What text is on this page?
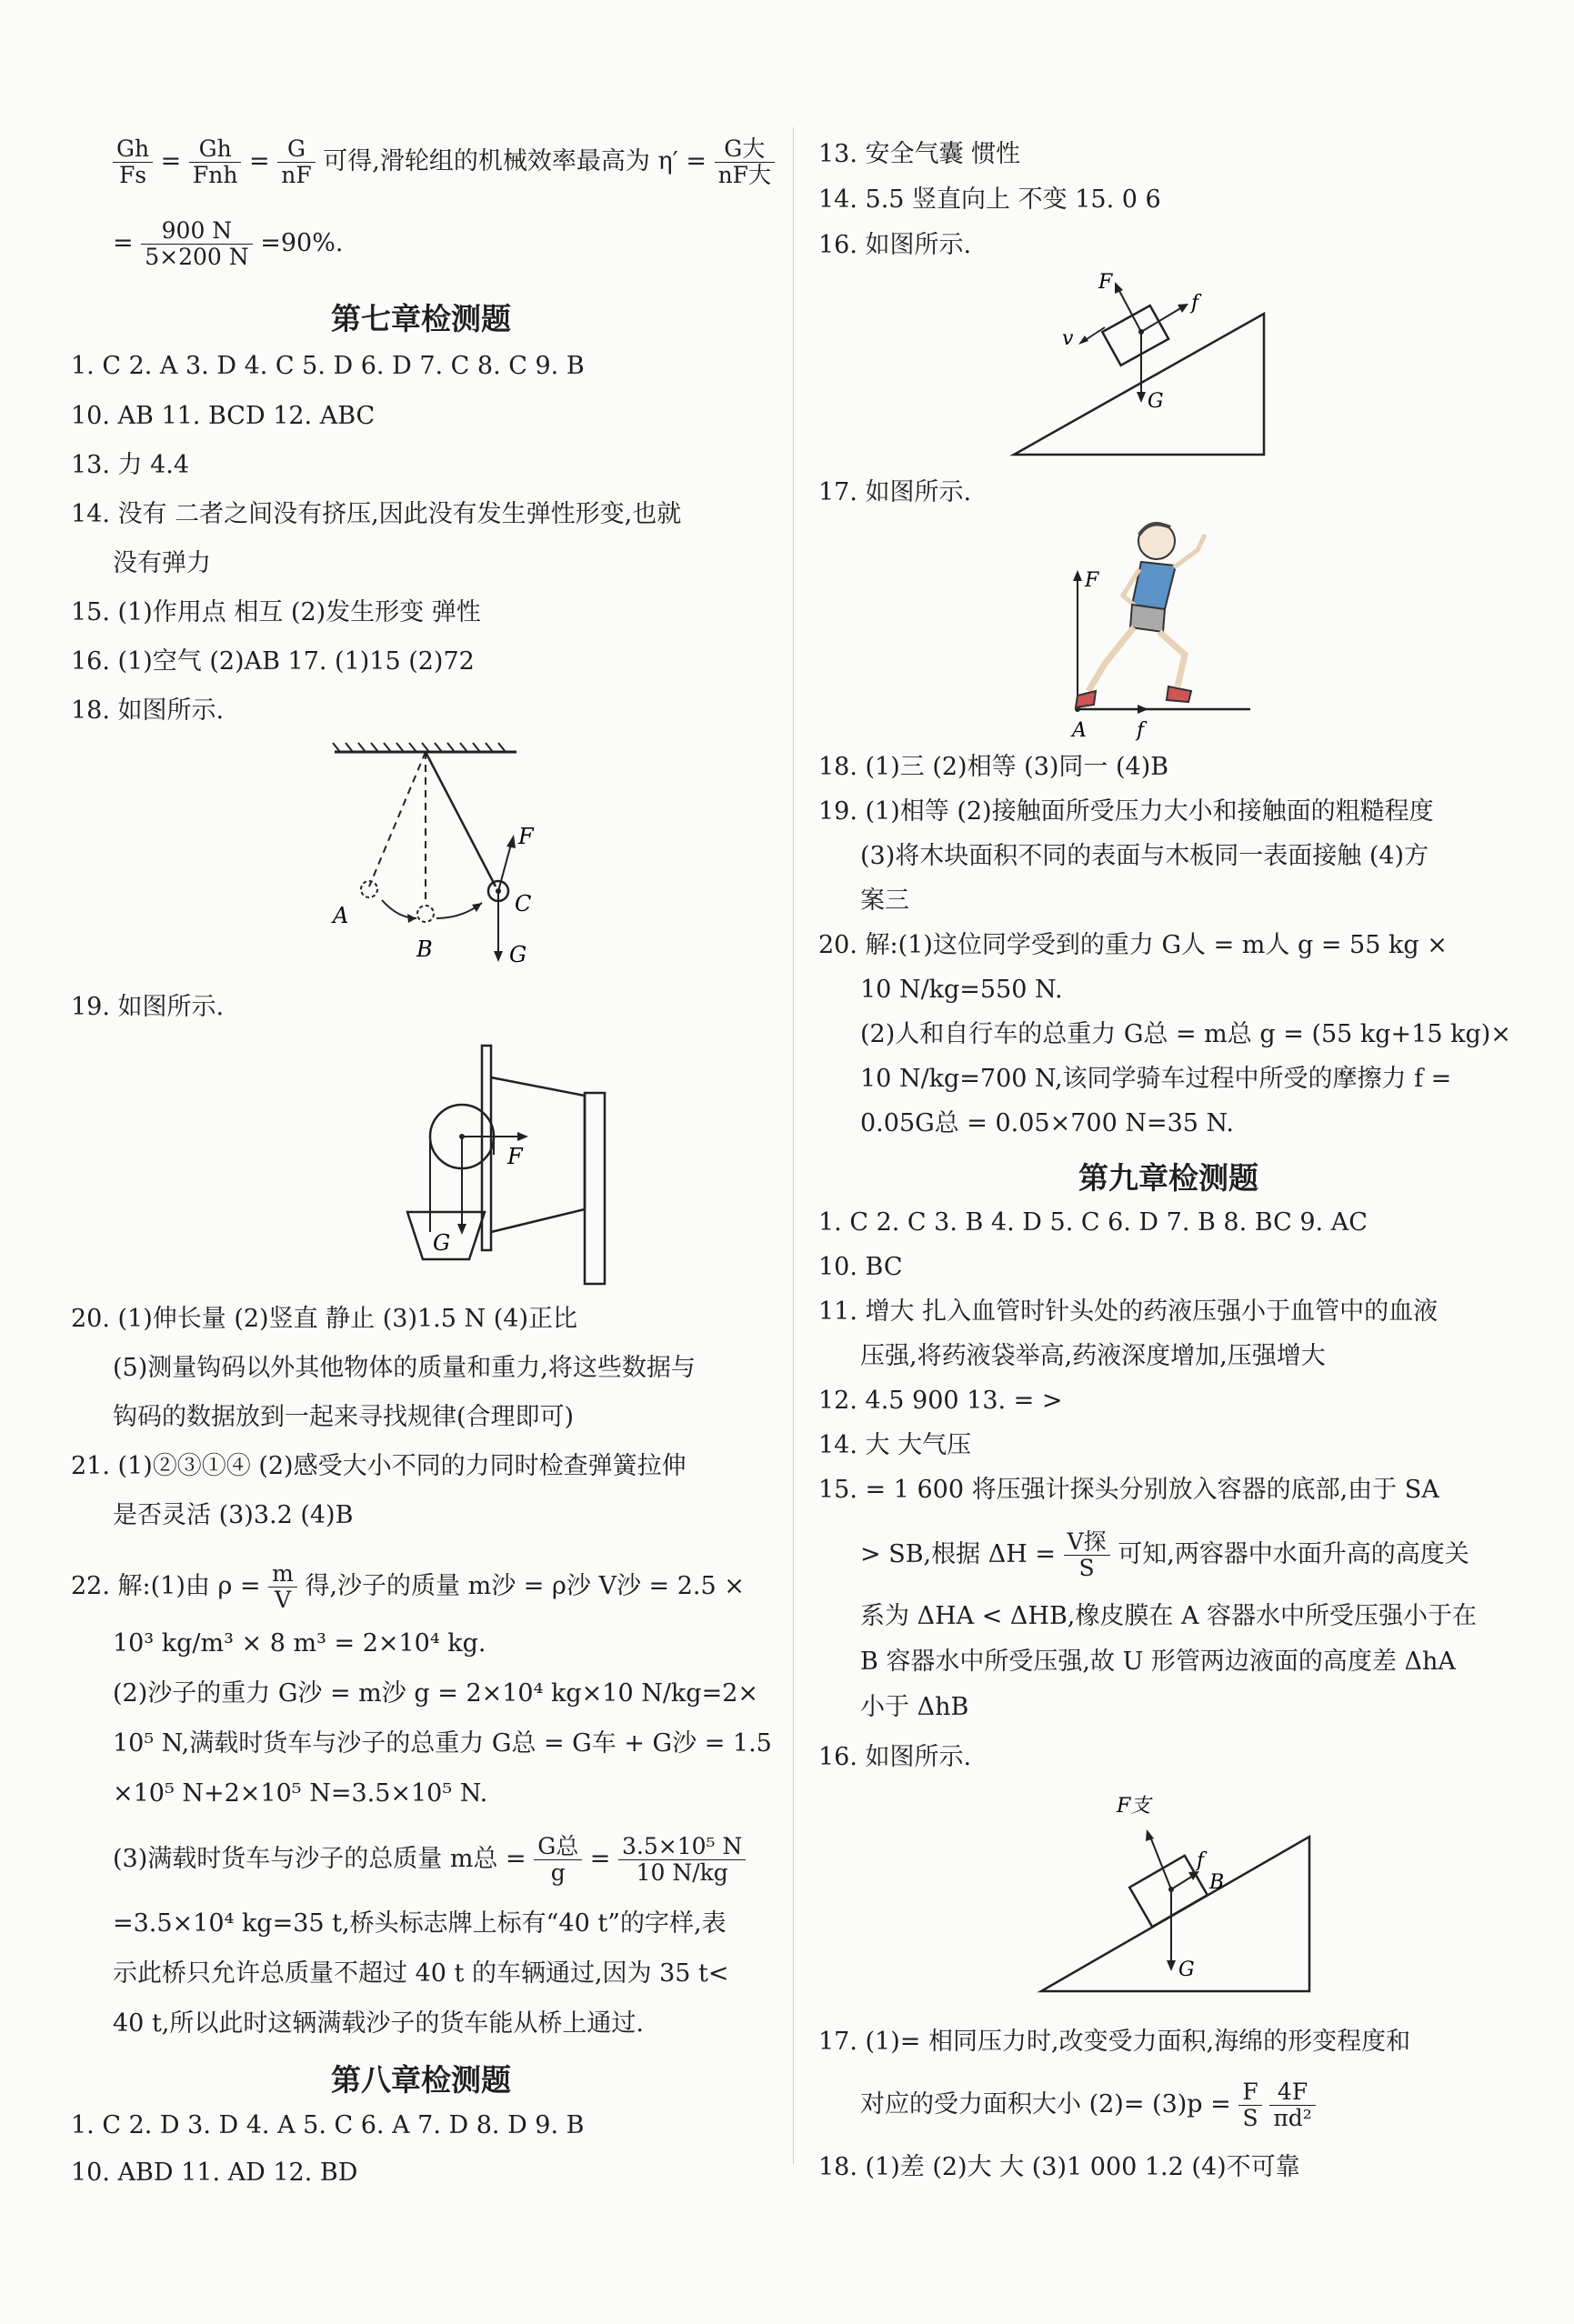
$\frac{Gh}{Fs} = \frac{Gh}{\text{Fnh}} = \frac{G}{nF}$ 可得,滑轮组的机械效率最高为 $\eta' = \frac{\text{G大}}{\text{nF大}}$
= $\frac{900 N}{5\times 200 N} =90\%$.
第七章检测题
1. C 2. A 3. D 4. C 5. D 6. D 7. C 8. C 9. B
10. AB 11. BCD 12. ABC
13. 力 4.4
14. 没有 二者之间没有挤压,因此没有发生弹性形变,也就
没有弹力
15. (1)作用点 相互 (2)发生形变 弹性
16. (1)空气 (2)AB 17. (1)15 (2)72
18. 如图所示.
A
B
C
F
G
19. 如图所示.
F
G
20. (1)伸长量 (2)竖直 静止 (3)1.5 N (4)正比
(5)测量钩码以外其他物体的质量和重力,将这些数据与
钩码的数据放到一起来寻找规律(合理即可)
21. (1)②③①④ (2)感受大小不同的力同时检查弹簧拉伸
是否灵活 (3)3.2 (4)B
22. 解:(1)由 $\rho = \frac{m}{V}$ 得,沙子的质量 m沙 = ρ沙 V沙 = 2.5 ×
10³ kg/m³ × 8 m³ = 2×10⁴ kg.
(2)沙子的重力 G沙 = m沙 g = 2×10⁴ kg×10 N/kg=2×
10⁵ N,满载时货车与沙子的总重力 G总 = G车 + G沙 = 1.5
×10⁵ N+2×10⁵ N=3.5×10⁵ N.
(3)满载时货车与沙子的总质量 m总 = $\frac{\text{G总}}{g} = \frac{\text{3.5×10⁵ N}}{10 N/kg}$
=3.5×10⁴ kg=35 t,桥头标志牌上标有“40 t”的字样,表
示此桥只允许总质量不超过 40 t 的车辆通过,因为 35 t<
40 t,所以此时这辆满载沙子的货车能从桥上通过.
第八章检测题
1. C 2. D 3. D 4. A 5. C 6. A 7. D 8. D 9. B
10. ABD 11. AD 12. BD
13. 安全气囊 惯性
14. 5.5 竖直向上 不变 15. 0 6
16. 如图所示.
F
f
v
G
17. 如图所示.
F
A	f
18. (1)三 (2)相等 (3)同一 (4)B
19. (1)相等 (2)接触面所受压力大小和接触面的粗糙程度
(3)将木块面积不同的表面与木板同一表面接触 (4)方
案三
20. 解:(1)这位同学受到的重力 G人 = m人 g = 55 kg ×
10 N/kg=550 N.
(2)人和自行车的总重力 G总 = m总 g = (55 kg+15 kg)×
10 N/kg=700 N,该同学骑车过程中所受的摩擦力 f =
0.05G总 = 0.05×700 N=35 N.
第九章检测题
1. C 2. C 3. B 4. D 5. C 6. D 7. B 8. BC 9. AC
10. BC
11. 增大 扎入血管时针头处的药液压强小于血管中的血液
压强,将药液袋举高,药液深度增加,压强增大
12. 4.5 900 13. = >
14. 大 大气压
15. = 1 600 将压强计探头分别放入容器的底部,由于 SA
> SB,根据 $\Delta H = \frac{\text{V探}}{S}$ 可知,两容器中水面升高的高度关
系为 ΔHA < ΔHB,橡皮膜在 A 容器水中所受压强小于在
B 容器水中所受压强,故 U 形管两边液面的高度差 ΔhA
小于 ΔhB
16. 如图所示.
F支
f
B
G
17. (1)= 相同压力时,改变受力面积,海绵的形变程度和
对应的受力面积大小 $(2)= (3)p = \frac{F}{S}$
$\frac{4F}{\text{πd²}}$
18. (1)差 (2)大 大 (3)1 000 1.2 (4)不可靠
